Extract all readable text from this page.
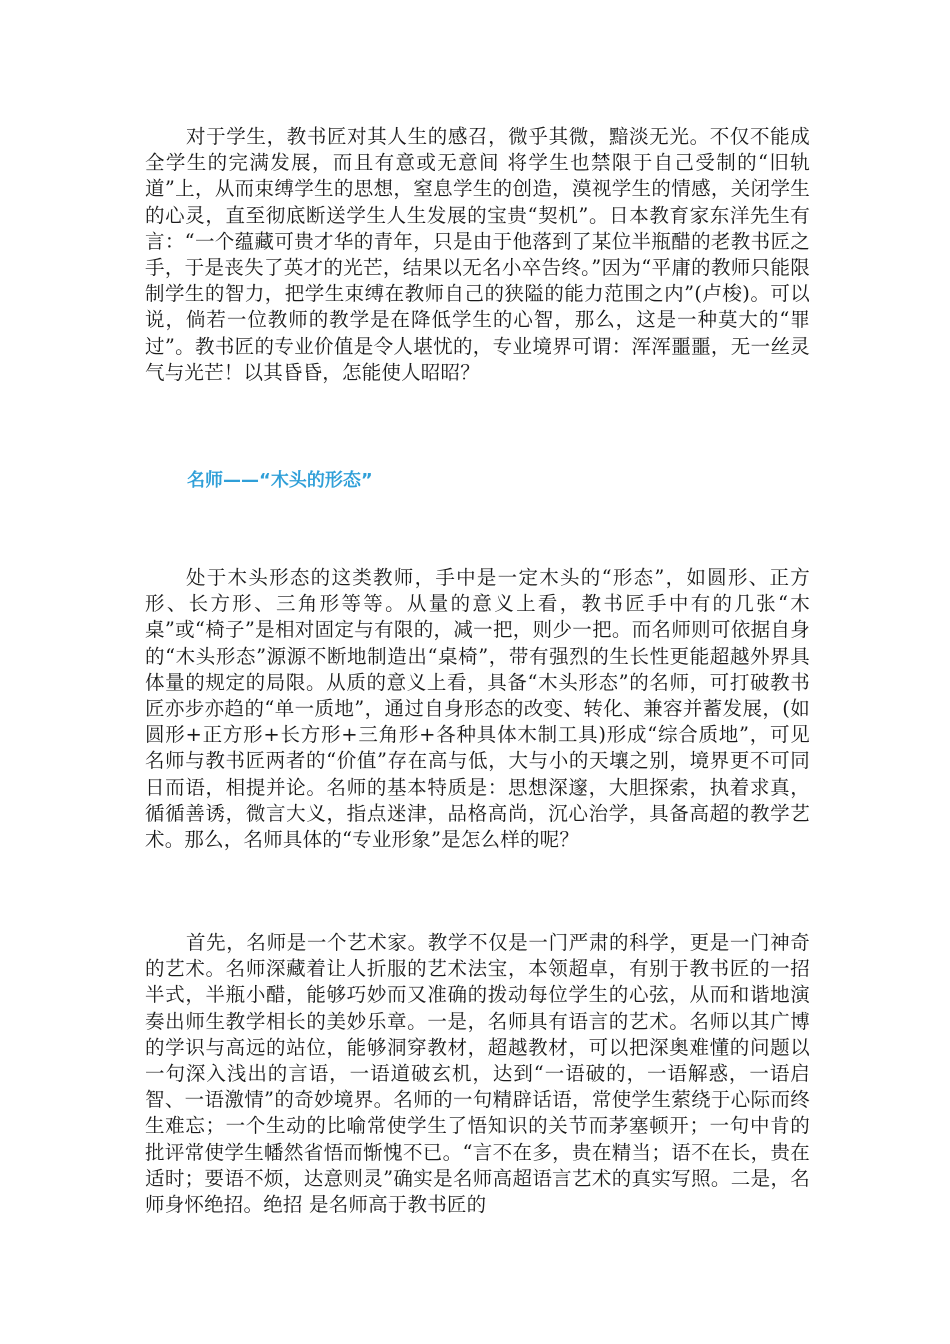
对于学生，教书匠对其人生的感召，微乎其微，黯淡无光。不仅不能成全学生的完满发展，而且有意或无意间 将学生也禁限于自己受制的“旧轨道”上，从而束缚学生的思想，窒息学生的创造，漠视学生的情感，关闭学生的心灵，直至彻底断送学生人生发展的宝贵“契机”。日本教育家东洋先生有言：“一个蕴藏可贵才华的青年，只是由于他落到了某位半瓶醋的老教书匠之手，于是丧失了英才的光芒，结果以无名小卒告终。”因为“平庸的教师只能限制学生的智力，把学生束缚在教师自己的狭隘的能力范围之内”(卢梭)。可以说，倘若一位教师的教学是在降低学生的心智，那么，这是一种莫大的“罪过”。教书匠的专业价值是令人堪忧的，专业境界可谓：浑浑噩噩，无一丝灵气与光芒！以其昏昏，怎能使人昭昭？

名师——“木头的形态”

处于木头形态的这类教师，手中是一定木头的“形态”，如圆形、正方形、长方形、三角形等等。从量的意义上看，教书匠手中有的几张“木桌”或“椅子”是相对固定与有限的，减一把，则少一把。而名师则可依据自身的“木头形态”源源不断地制造出“桌椅”，带有强烈的生长性更能超越外界具体量的规定的局限。从质的意义上看，具备“木头形态”的名师，可打破教书匠亦步亦趋的“单一质地”，通过自身形态的改变、转化、兼容并蓄发展，(如圆形+正方形+长方形+三角形+各种具体木制工具)形成“综合质地”，可见名师与教书匠两者的“价值”存在高与低，大与小的天壤之别，境界更不可同日而语，相提并论。名师的基本特质是：思想深邃，大胆探索，执着求真，循循善诱，微言大义，指点迷津，品格高尚，沉心治学，具备高超的教学艺术。那么，名师具体的“专业形象”是怎么样的呢？

首先，名师是一个艺术家。教学不仅是一门严肃的科学，更是一门神奇的艺术。名师深藏着让人折服的艺术法宝，本领超卓，有别于教书匠的一招半式，半瓶小醋，能够巧妙而又准确的拨动每位学生的心弦，从而和谐地演奏出师生教学相长的美妙乐章。一是，名师具有语言的艺术。名师以其广博的学识与高远的站位，能够洞穿教材，超越教材，可以把深奥难懂的问题以一句深入浅出的言语，一语道破玄机，达到“一语破的，一语解惑，一语启智、一语激情”的奇妙境界。名师的一句精辟话语，常使学生萦绕于心际而终生难忘；一个生动的比喻常使学生了悟知识的关节而茅塞顿开；一句中肯的批评常使学生幡然省悟而惭愧不已。“言不在多，贵在精当；语不在长，贵在适时；要语不烦，达意则灵”确实是名师高超语言艺术的真实写照。二是，名师身怀绝招。绝招 是名师高于教书匠的
